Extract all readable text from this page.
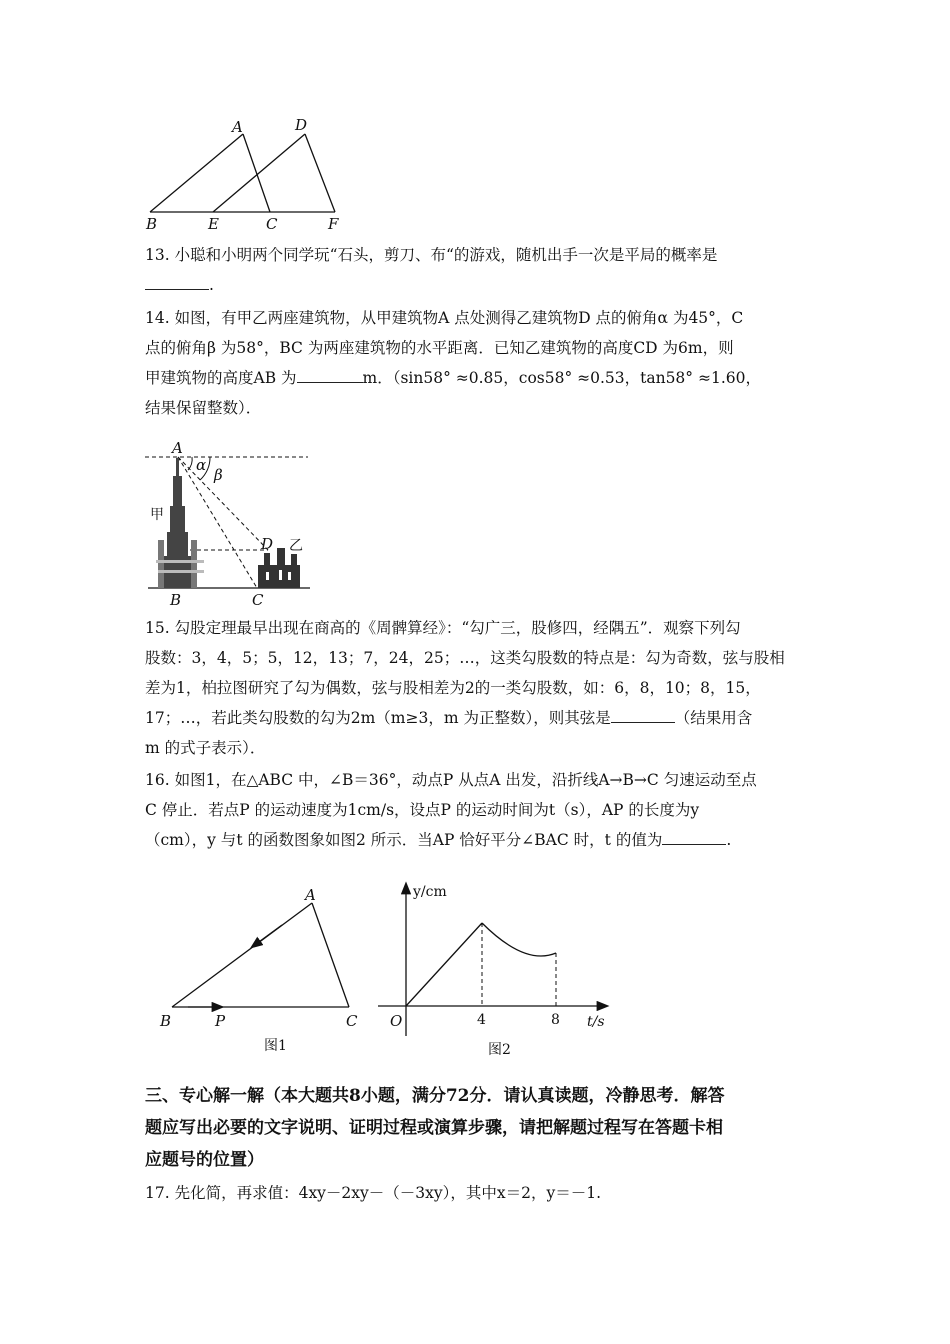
A	D
B	E	C	F
13. 小聪和小明两个同学玩“石头，剪刀、布“的游戏，随机出手一次是平局的概率是
.
14. 如图，有甲乙两座建筑物，从甲建筑物A 点处测得乙建筑物D 点的俯角α 为45°，C
点的俯角β 为58°，BC 为两座建筑物的水平距离．已知乙建筑物的高度CD 为6m，则
甲建筑物的高度AB 为	m．（sin58° ≈0.85，cos58° ≈0.53，tan58° ≈1.60，
结果保留整数）．
A
α
β
甲
D 乙
B	C
15. 勾股定理最早出现在商高的《周髀算经》：“勾广三，股修四，经隅五”．观察下列勾
股数：3，4，5；5，12，13；7，24，25；…，这类勾股数的特点是：勾为奇数，弦与股相
差为1，柏拉图研究了勾为偶数，弦与股相差为2的一类勾股数，如：6，8，10；8，15，
17；…，若此类勾股数的勾为2m（m≥3，m 为正整数），则其弦是	（结果用含
m 的式子表示）．
16. 如图1，在△ABC 中，∠B＝36°，动点P 从点A 出发，沿折线A→B→C 匀速运动至点
C 停止．若点P 的运动速度为1cm/s，设点P 的运动时间为t（s），AP 的长度为y
（cm），y 与t 的函数图象如图2 所示．当AP 恰好平分∠BAC 时，t 的值为	.
A
B	P	C
图1
y/cm
t/s
O	4	8
图2
三、专心解一解（本大题共8小题，满分72分．请认真读题，冷静思考．解答
题应写出必要的文字说明、证明过程或演算步骤，请把解题过程写在答题卡相
应题号的位置）
17. 先化简，再求值：4xy－2xy－（－3xy），其中x＝2，y＝－1.
